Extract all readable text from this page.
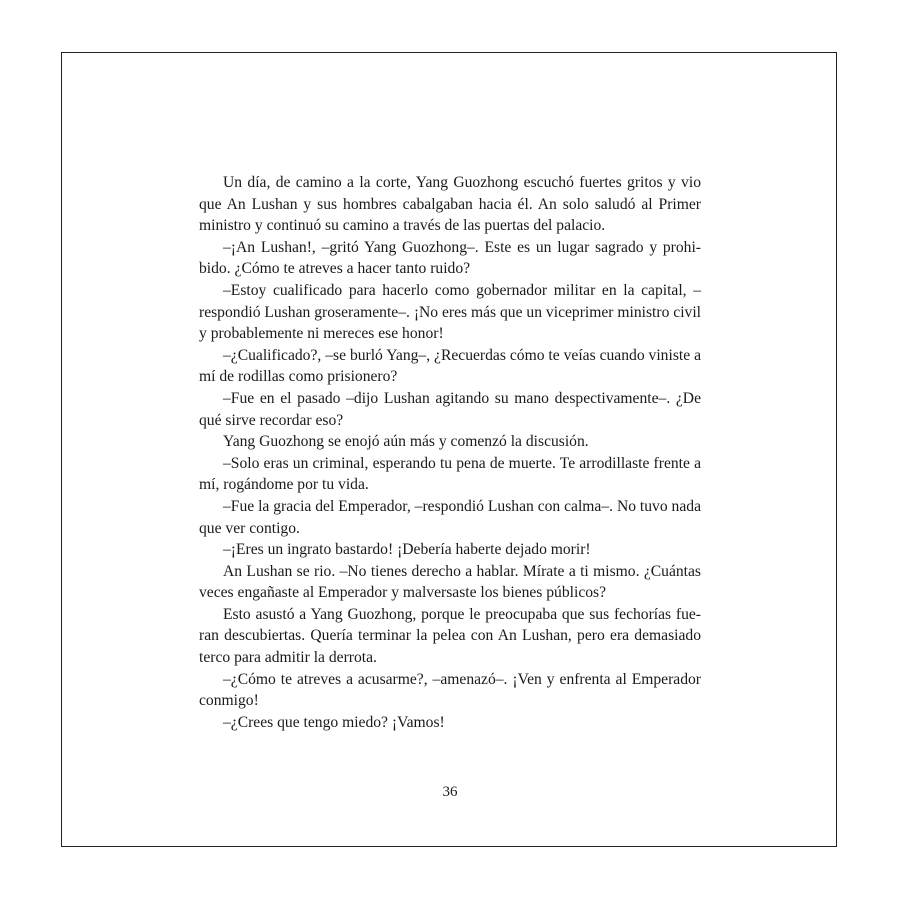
Un día, de camino a la corte, Yang Guozhong escuchó fuertes gritos y vio que An Lushan y sus hombres cabalgaban hacia él. An solo saludó al Primer ministro y continuó su camino a través de las puertas del palacio.

–¡An Lushan!, –gritó Yang Guozhong–. Este es un lugar sagrado y prohi-bido. ¿Cómo te atreves a hacer tanto ruido?

–Estoy cualificado para hacerlo como gobernador militar en la capital, –respondió Lushan groseramente–. ¡No eres más que un viceprimer ministro civil y probablemente ni mereces ese honor!

–¿Cualificado?, –se burló Yang–, ¿Recuerdas cómo te veías cuando viniste a mí de rodillas como prisionero?

–Fue en el pasado –dijo Lushan agitando su mano despectivamente–. ¿De qué sirve recordar eso?

Yang Guozhong se enojó aún más y comenzó la discusión.

–Solo eras un criminal, esperando tu pena de muerte. Te arrodillaste frente a mí, rogándome por tu vida.

–Fue la gracia del Emperador, –respondió Lushan con calma–. No tuvo nada que ver contigo.

–¡Eres un ingrato bastardo! ¡Debería haberte dejado morir!

An Lushan se rio. –No tienes derecho a hablar. Mírate a ti mismo. ¿Cuántas veces engañaste al Emperador y malversaste los bienes públicos?

Esto asustó a Yang Guozhong, porque le preocupaba que sus fechorías fue-ran descubiertas. Quería terminar la pelea con An Lushan, pero era demasiado terco para admitir la derrota.

–¿Cómo te atreves a acusarme?, –amenazó–. ¡Ven y enfrenta al Emperador conmigo!

–¿Crees que tengo miedo? ¡Vamos!

36
